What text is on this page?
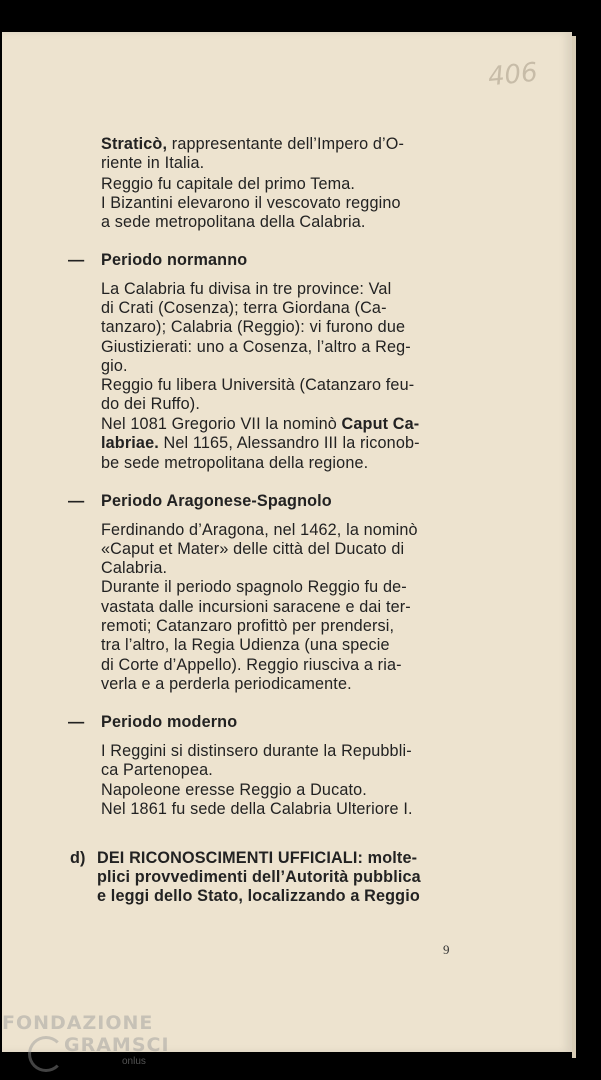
406
Straticò, rappresentante dell’Impero d’O-
riente in Italia.
Reggio fu capitale del primo Tema.
I Bizantini elevarono il vescovato reggino
a sede metropolitana della Calabria.
— Periodo normanno
La Calabria fu divisa in tre province: Val
di Crati (Cosenza); terra Giordana (Ca-
tanzaro); Calabria (Reggio): vi furono due
Giustizierati: uno a Cosenza, l’altro a Reg-
gio.
Reggio fu libera Università (Catanzaro feu-
do dei Ruffo).
Nel 1081 Gregorio VII la nominò Caput Ca-
labriae. Nel 1165, Alessandro III la riconob-
be sede metropolitana della regione.
— Periodo Aragonese-Spagnolo
Ferdinando d’Aragona, nel 1462, la nominò
«Caput et Mater» delle città del Ducato di
Calabria.
Durante il periodo spagnolo Reggio fu de-
vastata dalle incursioni saracene e dai ter-
remoti; Catanzaro profittò per prendersi,
tra l’altro, la Regia Udienza (una specie
di Corte d’Appello). Reggio riusciva a ria-
verla e a perderla periodicamente.
— Periodo moderno
I Reggini si distinsero durante la Repubbli-
ca Partenopea.
Napoleone eresse Reggio a Ducato.
Nel 1861 fu sede della Calabria Ulteriore I.
d) DEI RICONOSCIMENTI UFFICIALI: molte-
plici provvedimenti dell’Autorità pubblica
e leggi dello Stato, localizzando a Reggio
9
FONDAZIONE
GRAMSCI
onlus
